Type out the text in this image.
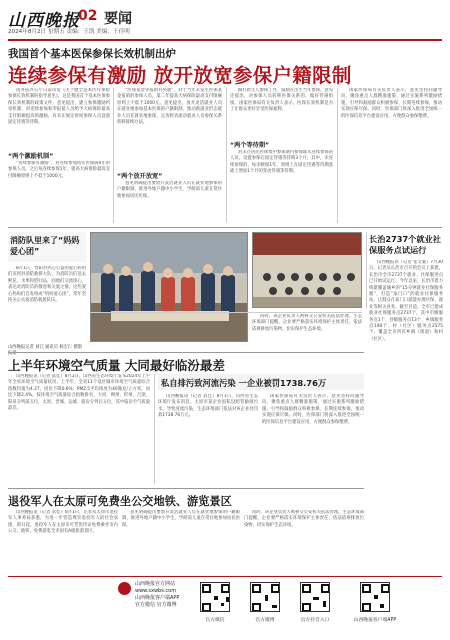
山西晚报
02 要闻
2024年8月2日 星期五 责编：王凯 美编：王佳明
我国首个基本医保参保长效机制出炉
连续参保有激励 放开放宽参保户籍限制
国务院办公厅日前印发《关于健全基本医疗保险参保长效机制的指导意见》，这是我国首个基本医保参保长效机制的政策文件。意见提出，建立参保激励约束机制，对连续参保和零报销人员给予大病保险最高支付限额提高的激励，对未在规定时间参保人员设置固定待遇等待期。
“两个激励机制”
“连续参保有激励”，对连续参加居民医保满4年的参保人员，之后每连续参保1年，提高大病保险最高支付限额原则上不低于1000元。
“医保基金零报销有奖励”，对于当年未发生医保基金报销的参保人员，第二年提高大病保险最高支付限额原则上不低于1000元。意见提出，放开灵活就业人员在就业地参加基本医保的户籍限制，推动新就业形态就业人员在就业地参保，完善跨省流动就业人员参保关系转移接续办法。
“两个放开放宽”
意见明确提出要放开灵活就业人员在就业地参保的户籍限制，推进外地户籍中小学生、学龄前儿童在常住地参加居民医保。
做好新生儿参保工作，鼓励在出生当年参保。意见还提出，对参保人员转移医保关系的，做好待遇衔接。国家医保局有关负责人表示，医保长效机制是为了让群众更好享受医保福利。
“两个等待期”
对未在居民医保集中参保期内参保或未连续参保的人员，设置参保后固定待遇等待期3个月；其中，未连续参保的，每多断保1年，原则上在固定待遇等待期基础上增加1个月的变动待遇等待期。
国家医保局有关负责人表示，意见坚持问题导向，聚焦重点人群精准施策，通过实施系列激励措施，引导和鼓励群众积极参保、长期连续参保，推动实现应保尽保。同时，医保部门将深入推进全国统一的医保信息平台建设应用，方便群众参保缴费。
消防队里来了“妈妈爱心团”
8月1日，晋阳县热心公益的爱心妈妈们来到县消防救援大队，为消防员们送去鲜花、水果和慰问品，同他们交流谈心，表达对消防员的敬意和关爱之情。这些爱心妈妈们自发组成“妈妈爱心团”，常年坚持关心关爱消防救援队伍。
山西晚报记者 刘江 通讯员 杨宏仁 摄影报道
长治2737个就业社保服务点试运行
山西晚报讯（记者 张文豪）7月30日，记者从长治市召开的会议上获悉，长治市全市2737个就业、社保服务点已开始试运行。今年以来，长治市着力构建覆盖城乡的“15分钟就业社保服务圈”，打造“家门口”的就业社保服务站，让群众在家门口就能办理社保、就业等相关业务。截至目前，全市已建成就业社保服务点2737个，其中市级服务点1个、县级服务点13个、乡镇服务点148个、村（社区）服务点2575个，覆盖全市所有乡镇（街道）和村（社区）。
同时，该企业负责人被移交公安机关依法处理。生态环境部门提醒，企业要严格落实环境保护主体责任，依法依规排放污染物，切实保护生态环境。
上半年环境空气质量 大同最好临汾最差
山西晚报讯（记者 武佳）8月1日，山西省生态环境厅发布2024年上半年全省环境空气质量状况。上半年，全省11个设区城市环境空气质量综合指数均值为4.27，同比下降0.6%；PM2.5平均浓度为40微克/立方米，同比下降2.4%。按环境空气质量综合指数排名，大同、朔州、忻州、吕梁、阳泉分列前五位，太原、晋城、运城、临汾分列后五位，其中临汾空气质量最差。
私自排污致河流污染 一企业被罚1738.76万
山西晚报讯（记者 武佳）8月1日，山西省生态环境厅发布消息，太原市某企业因私设暗管偷排污水，导致河流污染，生态环境部门依法对该企业处罚款1738.76万元。
国家医保局有关负责人表示，意见坚持问题导向，聚焦重点人群精准施策，通过实施系列激励措施，引导和鼓励群众积极参保、长期连续参保，推动实现应保尽保。同时，医保部门将深入推进全国统一的医保信息平台建设应用，方便群众参保缴费。
退役军人在太原可免费坐公交地铁、游览景区
山西晚报讯（记者 武佳）8月1日，记者从太原市退役军人事务局获悉，为进一步营造尊崇退役军人的社会氛围，即日起，退役军人在太原市可凭优待证免费乘坐市内公交、地铁，免费游览全市国有A级旅游景区。
意见明确提出要放开灵活就业人员在就业地参保的户籍限制，推进外地户籍中小学生、学龄前儿童在常住地参加居民医保。
同时，该企业负责人被移交公安机关依法处理。生态环境部门提醒，企业要严格落实环境保护主体责任，依法依规排放污染物，切实保护生态环境。
山西晚报官方网站
www.sxwbs.com
山西晚报客户端APP
官方微信 官方微博
官方微信	官方微博	官方抖音入口	山西晚报客户端APP
